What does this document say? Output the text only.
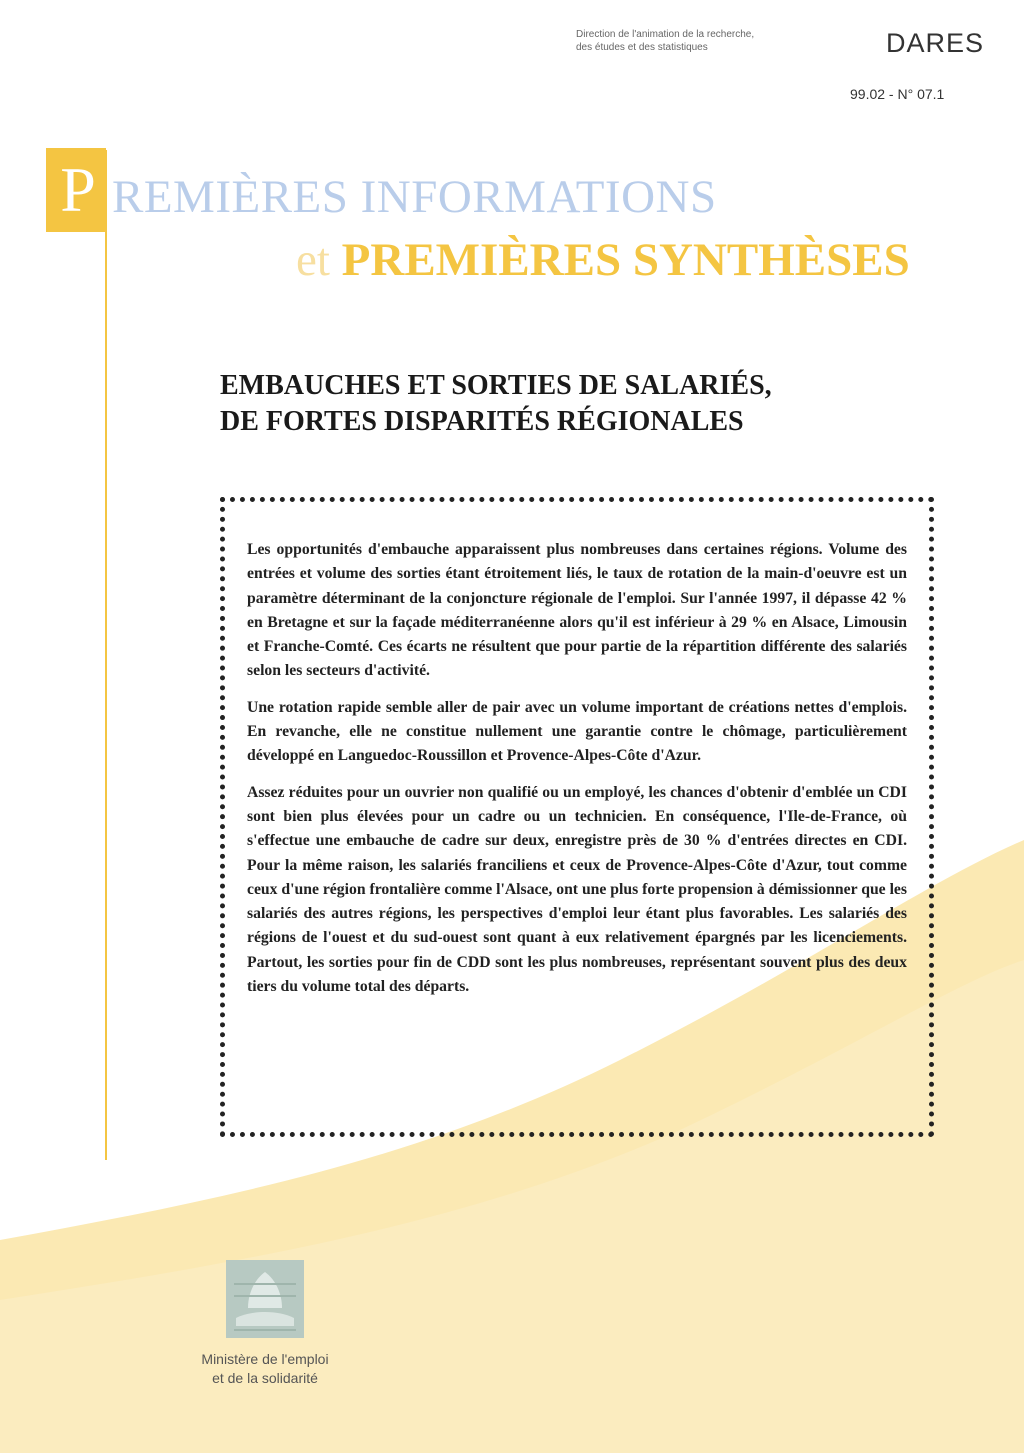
Direction de l'animation de la recherche,
des études et des statistiques	DARES
99.02 - N° 07.1
P REMIÈRES INFORMATIONS
et PREMIÈRES SYNTHÈSES
EMBAUCHES ET SORTIES DE SALARIÉS,
DE FORTES DISPARITÉS RÉGIONALES

Les opportunités d'embauche apparaissent plus nombreuses dans certaines régions. Volume des entrées et volume des sorties étant étroitement liés, le taux de rotation de la main-d'oeuvre est un paramètre déterminant de la conjoncture régionale de l'emploi. Sur l'année 1997, il dépasse 42 % en Bretagne et sur la façade méditerranéenne alors qu'il est inférieur à 29 % en Alsace, Limousin et Franche-Comté. Ces écarts ne résultent que pour partie de la répartition différente des salariés selon les secteurs d'activité.

Une rotation rapide semble aller de pair avec un volume important de créations nettes d'emplois. En revanche, elle ne constitue nullement une garantie contre le chômage, particulièrement développé en Languedoc-Roussillon et Provence-Alpes-Côte d'Azur.

Assez réduites pour un ouvrier non qualifié ou un employé, les chances d'obtenir d'emblée un CDI sont bien plus élevées pour un cadre ou un technicien. En conséquence, l'Ile-de-France, où s'effectue une embauche de cadre sur deux, enregistre près de 30 % d'entrées directes en CDI. Pour la même raison, les salariés franciliens et ceux de Provence-Alpes-Côte d'Azur, tout comme ceux d'une région frontalière comme l'Alsace, ont une plus forte propension à démissionner que les salariés des autres régions, les perspectives d'emploi leur étant plus favorables. Les salariés des régions de l'ouest et du sud-ouest sont quant à eux relativement épargnés par les licenciements. Partout, les sorties pour fin de CDD sont les plus nombreuses, représentant souvent plus des deux tiers du volume total des départs.

Ministère de l'emploi
et de la solidarité
